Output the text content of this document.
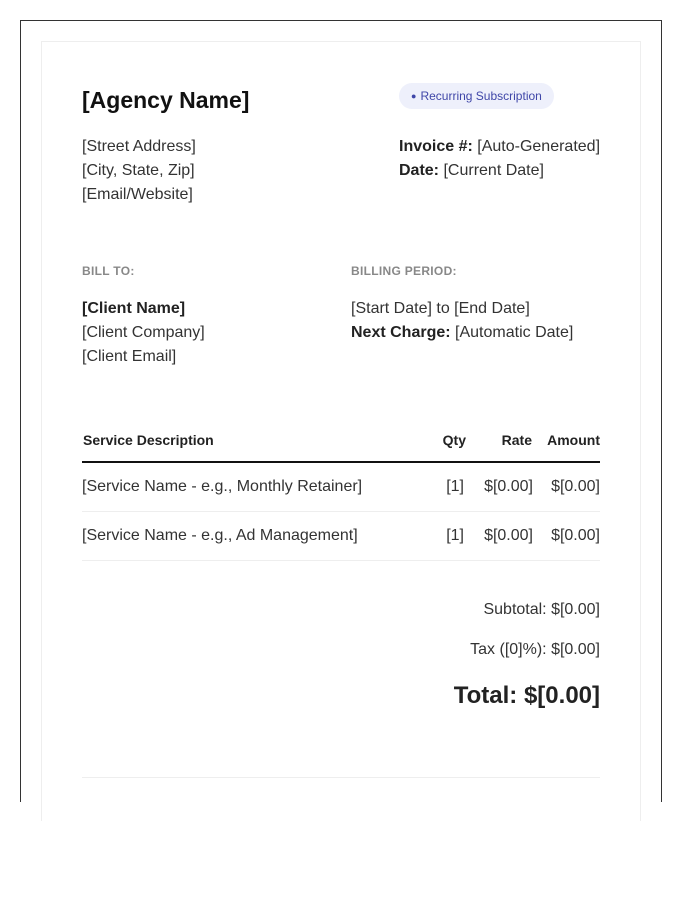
[Agency Name]	● Recurring Subscription
[Street Address]
[City, State, Zip]
[Email/Website]
Invoice #: [Auto-Generated]
Date: [Current Date]
BILL TO:	BILLING PERIOD:
[Client Name]
[Client Company]
[Client Email]
[Start Date] to [End Date]
Next Charge: [Automatic Date]
Service Description	Qty	Rate Amount
[Service Name - e.g., Monthly Retainer]	[1] $[0.00] $[0.00]
[Service Name - e.g., Ad Management]	[1] $[0.00] $[0.00]
Subtotal: $[0.00]
Tax ([0]%): $[0.00]
Total: $[0.00]
